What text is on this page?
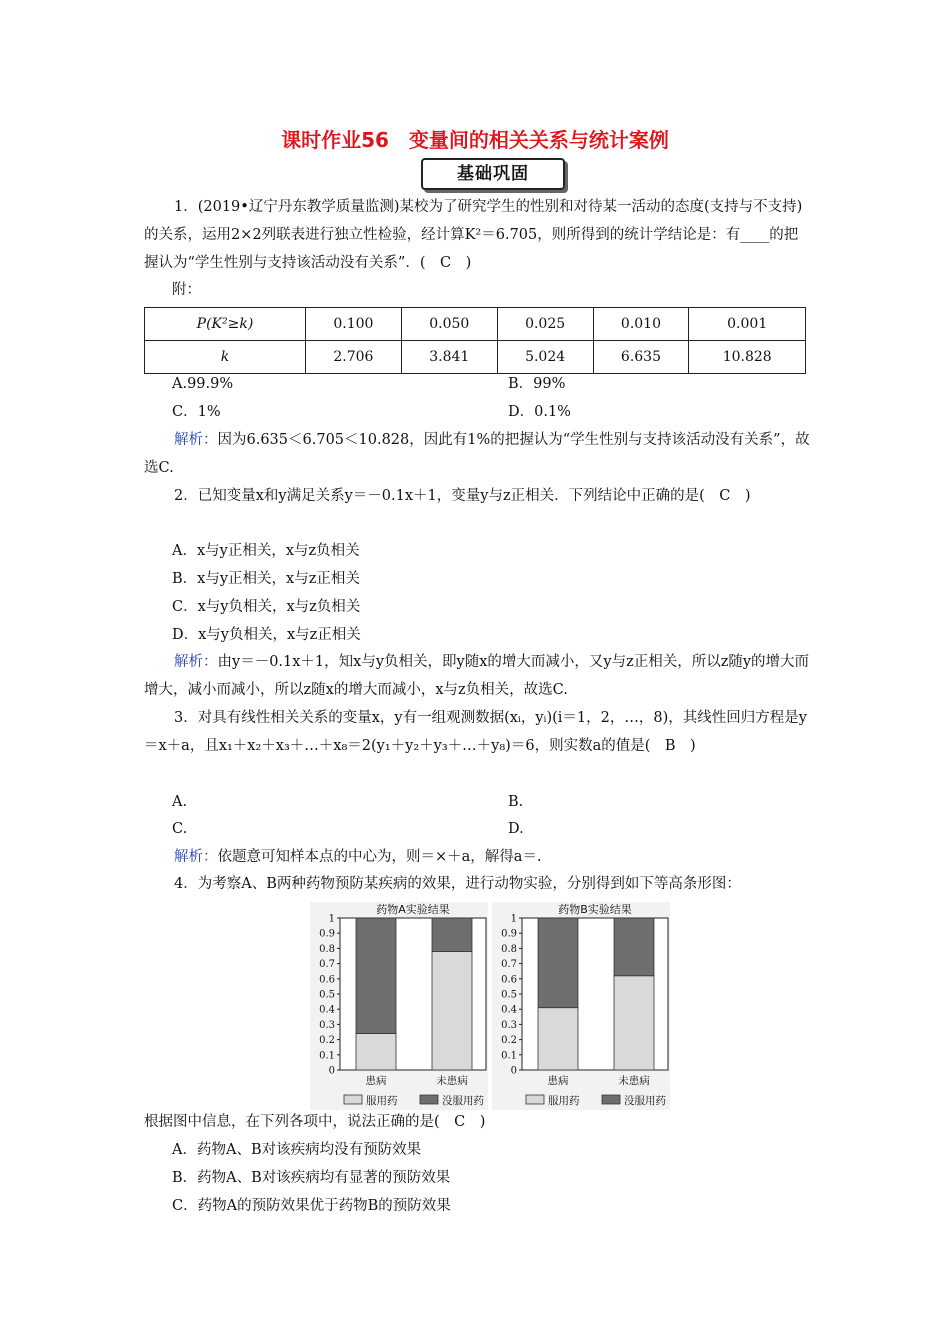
课时作业56　变量间的相关关系与统计案例
基础巩固
1．(2019•辽宁丹东教学质量监测)某校为了研究学生的性别和对待某一活动的态度(支持与不支持)的关系，运用2×2列联表进行独立性检验，经计算K²＝6.705，则所得到的统计学结论是：有____的把握认为“学生性别与支持该活动没有关系”．(　C　)
附：
P(K²≥k)	0.100	0.050	0.025	0.010	0.001
k	2.706	3.841	5.024	6.635	10.828
A.99.9%	B．99%
C．1%	D．0.1%
解析：因为6.635＜6.705＜10.828，因此有1%的把握认为“学生性别与支持该活动没有关系”，故选C.
2．已知变量x和y满足关系y＝－0.1x＋1，变量y与z正相关．下列结论中正确的是(　C　)
A．x与y正相关，x与z负相关
B．x与y正相关，x与z正相关
C．x与y负相关，x与z负相关
D．x与y负相关，x与z正相关
解析：由y＝－0.1x＋1，知x与y负相关，即y随x的增大而减小，又y与z正相关，所以z随y的增大而增大，减小而减小，所以z随x的增大而减小，x与z负相关，故选C.
3．对具有线性相关关系的变量x，y有一组观测数据(xᵢ，yᵢ)(i＝1，2，…，8)，其线性回归方程是y＝x＋a，且x₁＋x₂＋x₃＋…＋x₈＝2(y₁＋y₂＋y₃＋…＋y₈)＝6，则实数a的值是(　B　)
A.	B.
C.	D.
解析：依题意可知样本点的中心为，则＝×＋a，解得a＝.
4．为考察A、B两种药物预防某疾病的效果，进行动物实验，分别得到如下等高条形图：
药物A实验结果
0
0.1
0.2
0.3
0.4
0.5
0.6
0.7
0.8
0.9
1
患病	未患病
服用药	没服用药
药物B实验结果
0
0.1
0.2
0.3
0.4
0.5
0.6
0.7
0.8
0.9
1
患病	未患病
服用药	没服用药
根据图中信息，在下列各项中，说法正确的是(　C　)
A．药物A、B对该疾病均没有预防效果
B．药物A、B对该疾病均有显著的预防效果
C．药物A的预防效果优于药物B的预防效果
